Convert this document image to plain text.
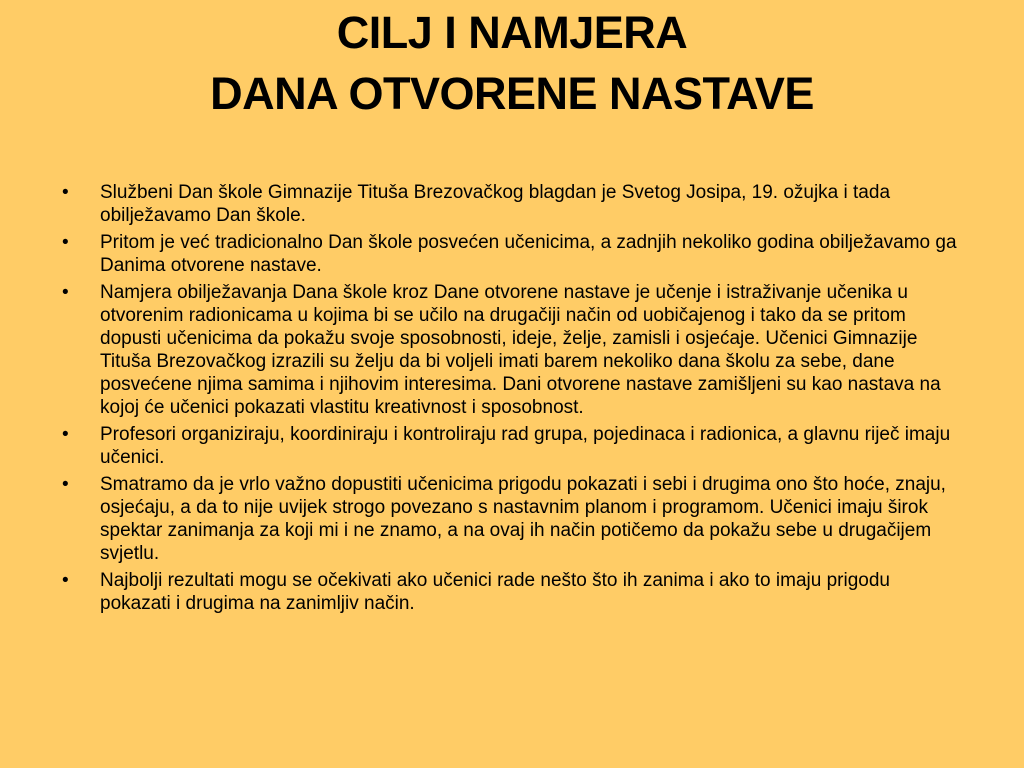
CILJ I NAMJERA
DANA OTVORENE NASTAVE
•	Službeni Dan škole Gimnazije Tituša Brezovačkog blagdan je Svetog Josipa, 19. ožujka i tada obilježavamo Dan škole.
•	Pritom je već tradicionalno Dan škole posvećen učenicima, a zadnjih nekoliko godina obilježavamo ga Danima otvorene nastave.
•	Namjera obilježavanja Dana škole kroz Dane otvorene nastave je učenje i istraživanje učenika u otvorenim radionicama u kojima bi se učilo na drugačiji način od uobičajenog i tako da se pritom dopusti učenicima da pokažu svoje sposobnosti, ideje, želje, zamisli i osjećaje. Učenici Gimnazije Tituša Brezovačkog izrazili su želju da bi voljeli imati barem nekoliko dana školu za sebe, dane posvećene njima samima i njihovim interesima. Dani otvorene nastave zamišljeni su kao nastava na kojoj će učenici pokazati vlastitu kreativnost i sposobnost.
•	Profesori organiziraju, koordiniraju i kontroliraju rad grupa, pojedinaca i radionica, a glavnu riječ imaju učenici.
•	Smatramo da je vrlo važno dopustiti učenicima prigodu pokazati i sebi i drugima ono što hoće, znaju, osjećaju, a da to nije uvijek strogo povezano s nastavnim planom i programom. Učenici imaju širok spektar zanimanja za koji mi i ne znamo, a na ovaj ih način potičemo da pokažu sebe u drugačijem svjetlu.
•	Najbolji rezultati mogu se očekivati ako učenici rade nešto što ih zanima i ako to imaju prigodu pokazati i drugima na zanimljiv način.
